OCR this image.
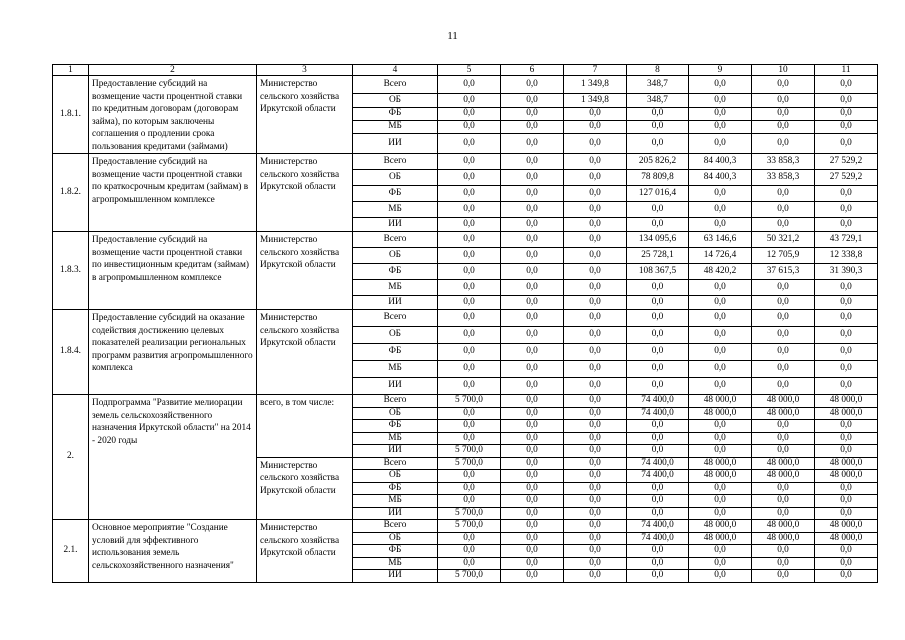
11
1	2	3	4	5	6	7	8	9	10	11
1.8.1.	Предоставление субсидий на возмещение части процентной ставки по кредитным договорам (договорам займа), по которым заключены соглашения о продлении срока пользования кредитами (займами)	Министерство сельского хозяйства Иркутской области	Всего	0,0	0,0	1 349,8	348,7	0,0	0,0	0,0
			ОБ	0,0	0,0	1 349,8	348,7	0,0	0,0	0,0
			ФБ	0,0	0,0	0,0	0,0	0,0	0,0	0,0
			МБ	0,0	0,0	0,0	0,0	0,0	0,0	0,0
			ИИ	0,0	0,0	0,0	0,0	0,0	0,0	0,0
1.8.2.	Предоставление субсидий на возмещение части процентной ставки по краткосрочным кредитам (займам) в агропромышленном комплексе	Министерство сельского хозяйства Иркутской области	Всего	0,0	0,0	0,0	205 826,2	84 400,3	33 858,3	27 529,2
			ОБ	0,0	0,0	0,0	78 809,8	84 400,3	33 858,3	27 529,2
			ФБ	0,0	0,0	0,0	127 016,4	0,0	0,0	0,0
			МБ	0,0	0,0	0,0	0,0	0,0	0,0	0,0
			ИИ	0,0	0,0	0,0	0,0	0,0	0,0	0,0
1.8.3.	Предоставление субсидий на возмещение части процентной ставки по инвестиционным кредитам (займам) в агропромышленном комплексе	Министерство сельского хозяйства Иркутской области	Всего	0,0	0,0	0,0	134 095,6	63 146,6	50 321,2	43 729,1
			ОБ	0,0	0,0	0,0	25 728,1	14 726,4	12 705,9	12 338,8
			ФБ	0,0	0,0	0,0	108 367,5	48 420,2	37 615,3	31 390,3
			МБ	0,0	0,0	0,0	0,0	0,0	0,0	0,0
			ИИ	0,0	0,0	0,0	0,0	0,0	0,0	0,0
1.8.4.	Предоставление субсидий на оказание содействия достижению целевых показателей реализации региональных программ развития агропромышленного комплекса	Министерство сельского хозяйства Иркутской области	Всего	0,0	0,0	0,0	0,0	0,0	0,0	0,0
			ОБ	0,0	0,0	0,0	0,0	0,0	0,0	0,0
			ФБ	0,0	0,0	0,0	0,0	0,0	0,0	0,0
			МБ	0,0	0,0	0,0	0,0	0,0	0,0	0,0
			ИИ	0,0	0,0	0,0	0,0	0,0	0,0	0,0
2.	Подпрограмма "Развитие мелиорации земель сельскохозяйственного назначения Иркутской области" на 2014 - 2020 годы	всего, в том числе:	Всего	5 700,0	0,0	0,0	74 400,0	48 000,0	48 000,0	48 000,0
			ОБ	0,0	0,0	0,0	74 400,0	48 000,0	48 000,0	48 000,0
			ФБ	0,0	0,0	0,0	0,0	0,0	0,0	0,0
			МБ	0,0	0,0	0,0	0,0	0,0	0,0	0,0
			ИИ	5 700,0	0,0	0,0	0,0	0,0	0,0	0,0
		Министерство сельского хозяйства Иркутской области	Всего	5 700,0	0,0	0,0	74 400,0	48 000,0	48 000,0	48 000,0
			ОБ	0,0	0,0	0,0	74 400,0	48 000,0	48 000,0	48 000,0
			ФБ	0,0	0,0	0,0	0,0	0,0	0,0	0,0
			МБ	0,0	0,0	0,0	0,0	0,0	0,0	0,0
			ИИ	5 700,0	0,0	0,0	0,0	0,0	0,0	0,0
2.1.	Основное мероприятие "Создание условий для эффективного использования земель сельскохозяйственного назначения"	Министерство сельского хозяйства Иркутской области	Всего	5 700,0	0,0	0,0	74 400,0	48 000,0	48 000,0	48 000,0
			ОБ	0,0	0,0	0,0	74 400,0	48 000,0	48 000,0	48 000,0
			ФБ	0,0	0,0	0,0	0,0	0,0	0,0	0,0
			МБ	0,0	0,0	0,0	0,0	0,0	0,0	0,0
			ИИ	5 700,0	0,0	0,0	0,0	0,0	0,0	0,0
